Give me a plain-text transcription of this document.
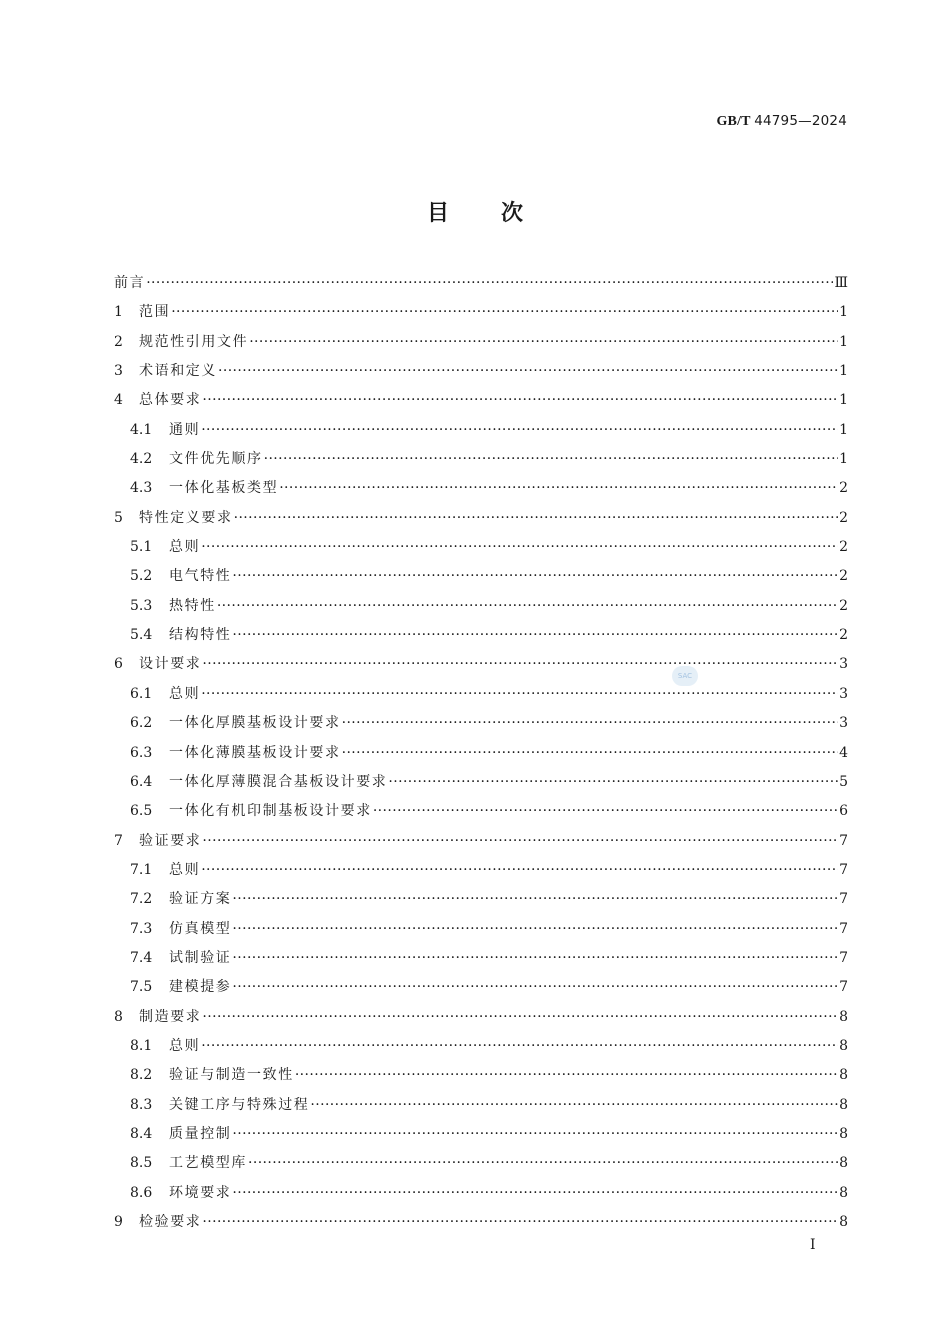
GB/T 44795—2024
目次
前言 ·····	Ⅲ
1	范围 ·····	1
2	规范性引用文件 ·····	1
3	术语和定义 ·····	1
4	总体要求 ·····	1
4.1	通则 ·····	1
4.2	文件优先顺序 ·····	1
4.3	一体化基板类型 ·····	2
5	特性定义要求 ·····	2
5.1	总则 ·····	2
5.2	电气特性 ·····	2
5.3	热特性 ·····	2
5.4	结构特性 ·····	2
6	设计要求 ·····	3
6.1	总则 ·····	3
6.2	一体化厚膜基板设计要求 ·····	3
6.3	一体化薄膜基板设计要求 ·····	4
6.4	一体化厚薄膜混合基板设计要求 ·····	5
6.5	一体化有机印制基板设计要求 ·····	6
7	验证要求 ·····	7
7.1	总则 ·····	7
7.2	验证方案 ·····	7
7.3	仿真模型 ·····	7
7.4	试制验证 ·····	7
7.5	建模提参 ·····	7
8	制造要求 ·····	8
8.1	总则 ·····	8
8.2	验证与制造一致性 ·····	8
8.3	关键工序与特殊过程 ·····	8
8.4	质量控制 ·····	8
8.5	工艺模型库 ·····	8
8.6	环境要求 ·····	8
9	检验要求 ·····	8
SAC
Ⅰ
